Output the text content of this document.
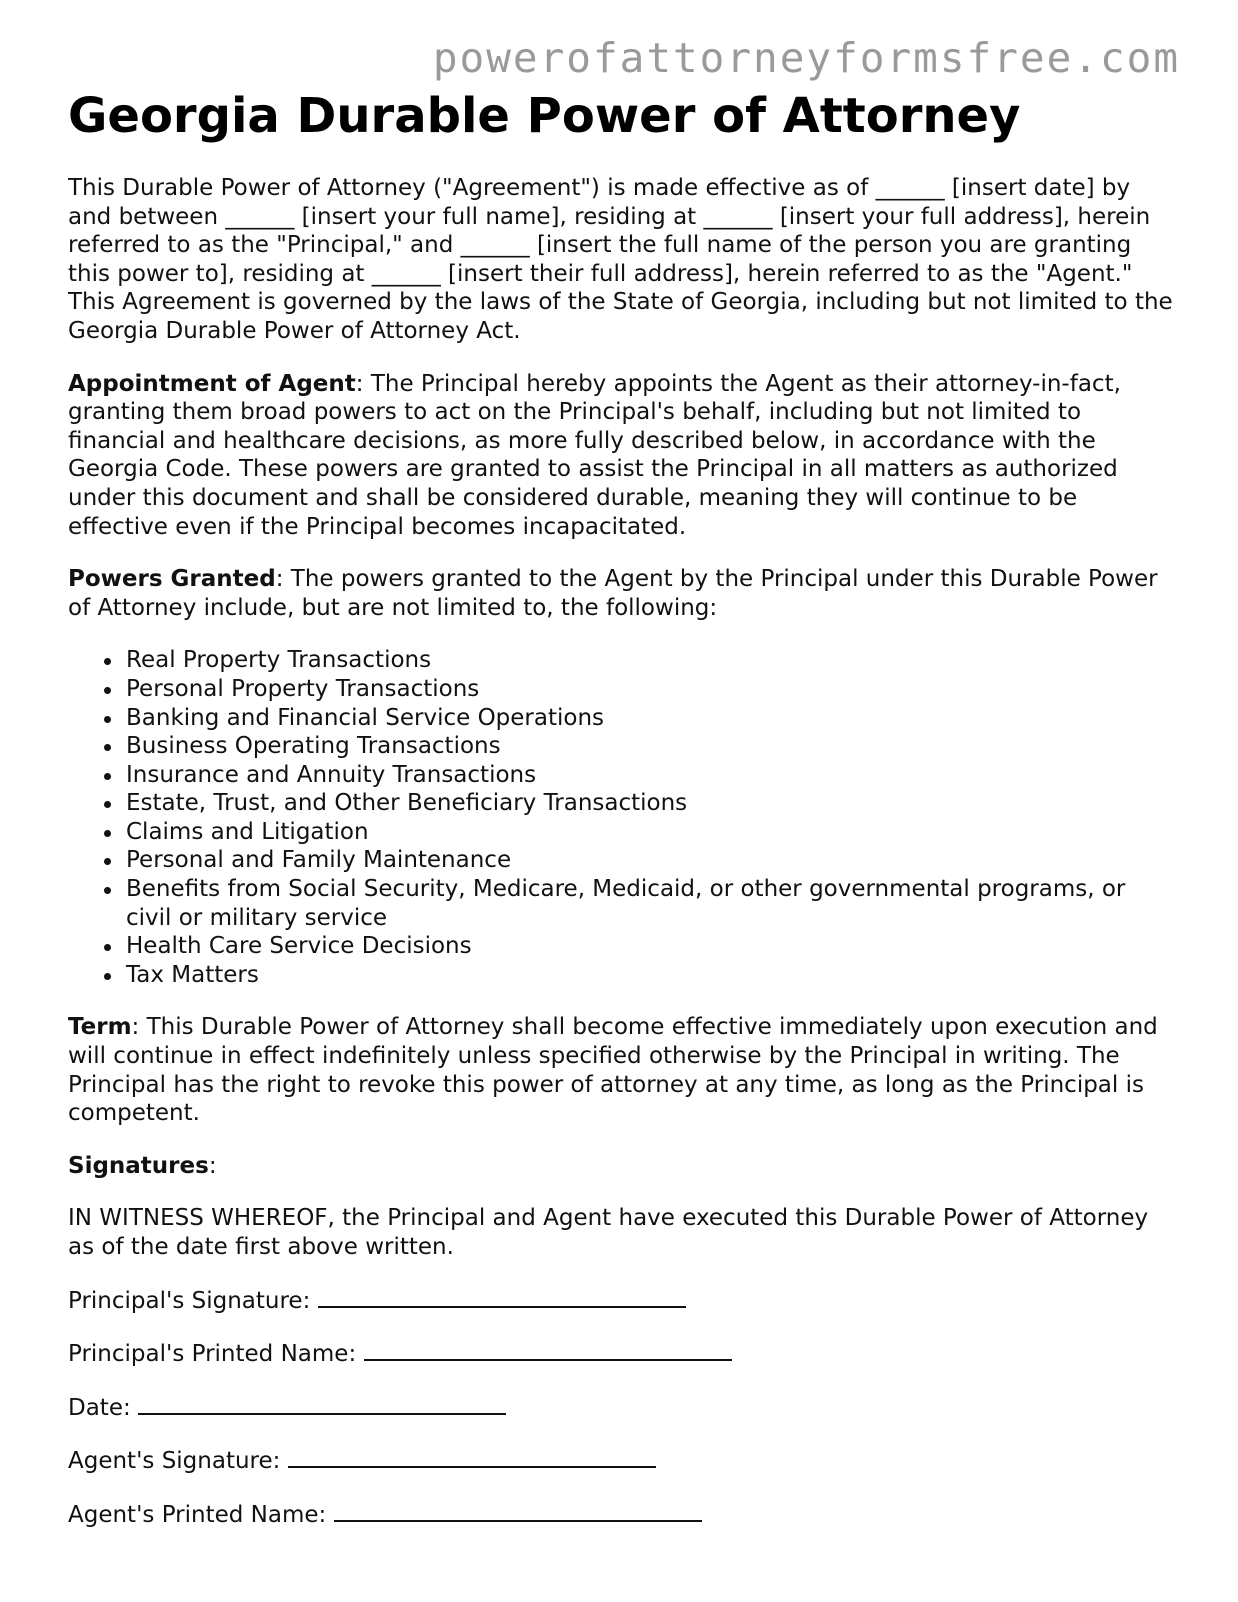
powerofattorneyformsfree.com
Georgia Durable Power of Attorney

This Durable Power of Attorney ("Agreement") is made effective as of ______ [insert date] by and between ______ [insert your full name], residing at ______ [insert your full address], herein referred to as the "Principal," and ______ [insert the full name of the person you are granting this power to], residing at ______ [insert their full address], herein referred to as the "Agent." This Agreement is governed by the laws of the State of Georgia, including but not limited to the Georgia Durable Power of Attorney Act.

Appointment of Agent: The Principal hereby appoints the Agent as their attorney-in-fact, granting them broad powers to act on the Principal's behalf, including but not limited to financial and healthcare decisions, as more fully described below, in accordance with the Georgia Code. These powers are granted to assist the Principal in all matters as authorized under this document and shall be considered durable, meaning they will continue to be effective even if the Principal becomes incapacitated.

Powers Granted: The powers granted to the Agent by the Principal under this Durable Power of Attorney include, but are not limited to, the following:

Real Property Transactions
Personal Property Transactions
Banking and Financial Service Operations
Business Operating Transactions
Insurance and Annuity Transactions
Estate, Trust, and Other Beneficiary Transactions
Claims and Litigation
Personal and Family Maintenance
Benefits from Social Security, Medicare, Medicaid, or other governmental programs, or civil or military service
Health Care Service Decisions
Tax Matters

Term: This Durable Power of Attorney shall become effective immediately upon execution and will continue in effect indefinitely unless specified otherwise by the Principal in writing. The Principal has the right to revoke this power of attorney at any time, as long as the Principal is competent.

Signatures:

IN WITNESS WHEREOF, the Principal and Agent have executed this Durable Power of Attorney as of the date first above written.

Principal's Signature:

Principal's Printed Name:

Date:

Agent's Signature:

Agent's Printed Name:
